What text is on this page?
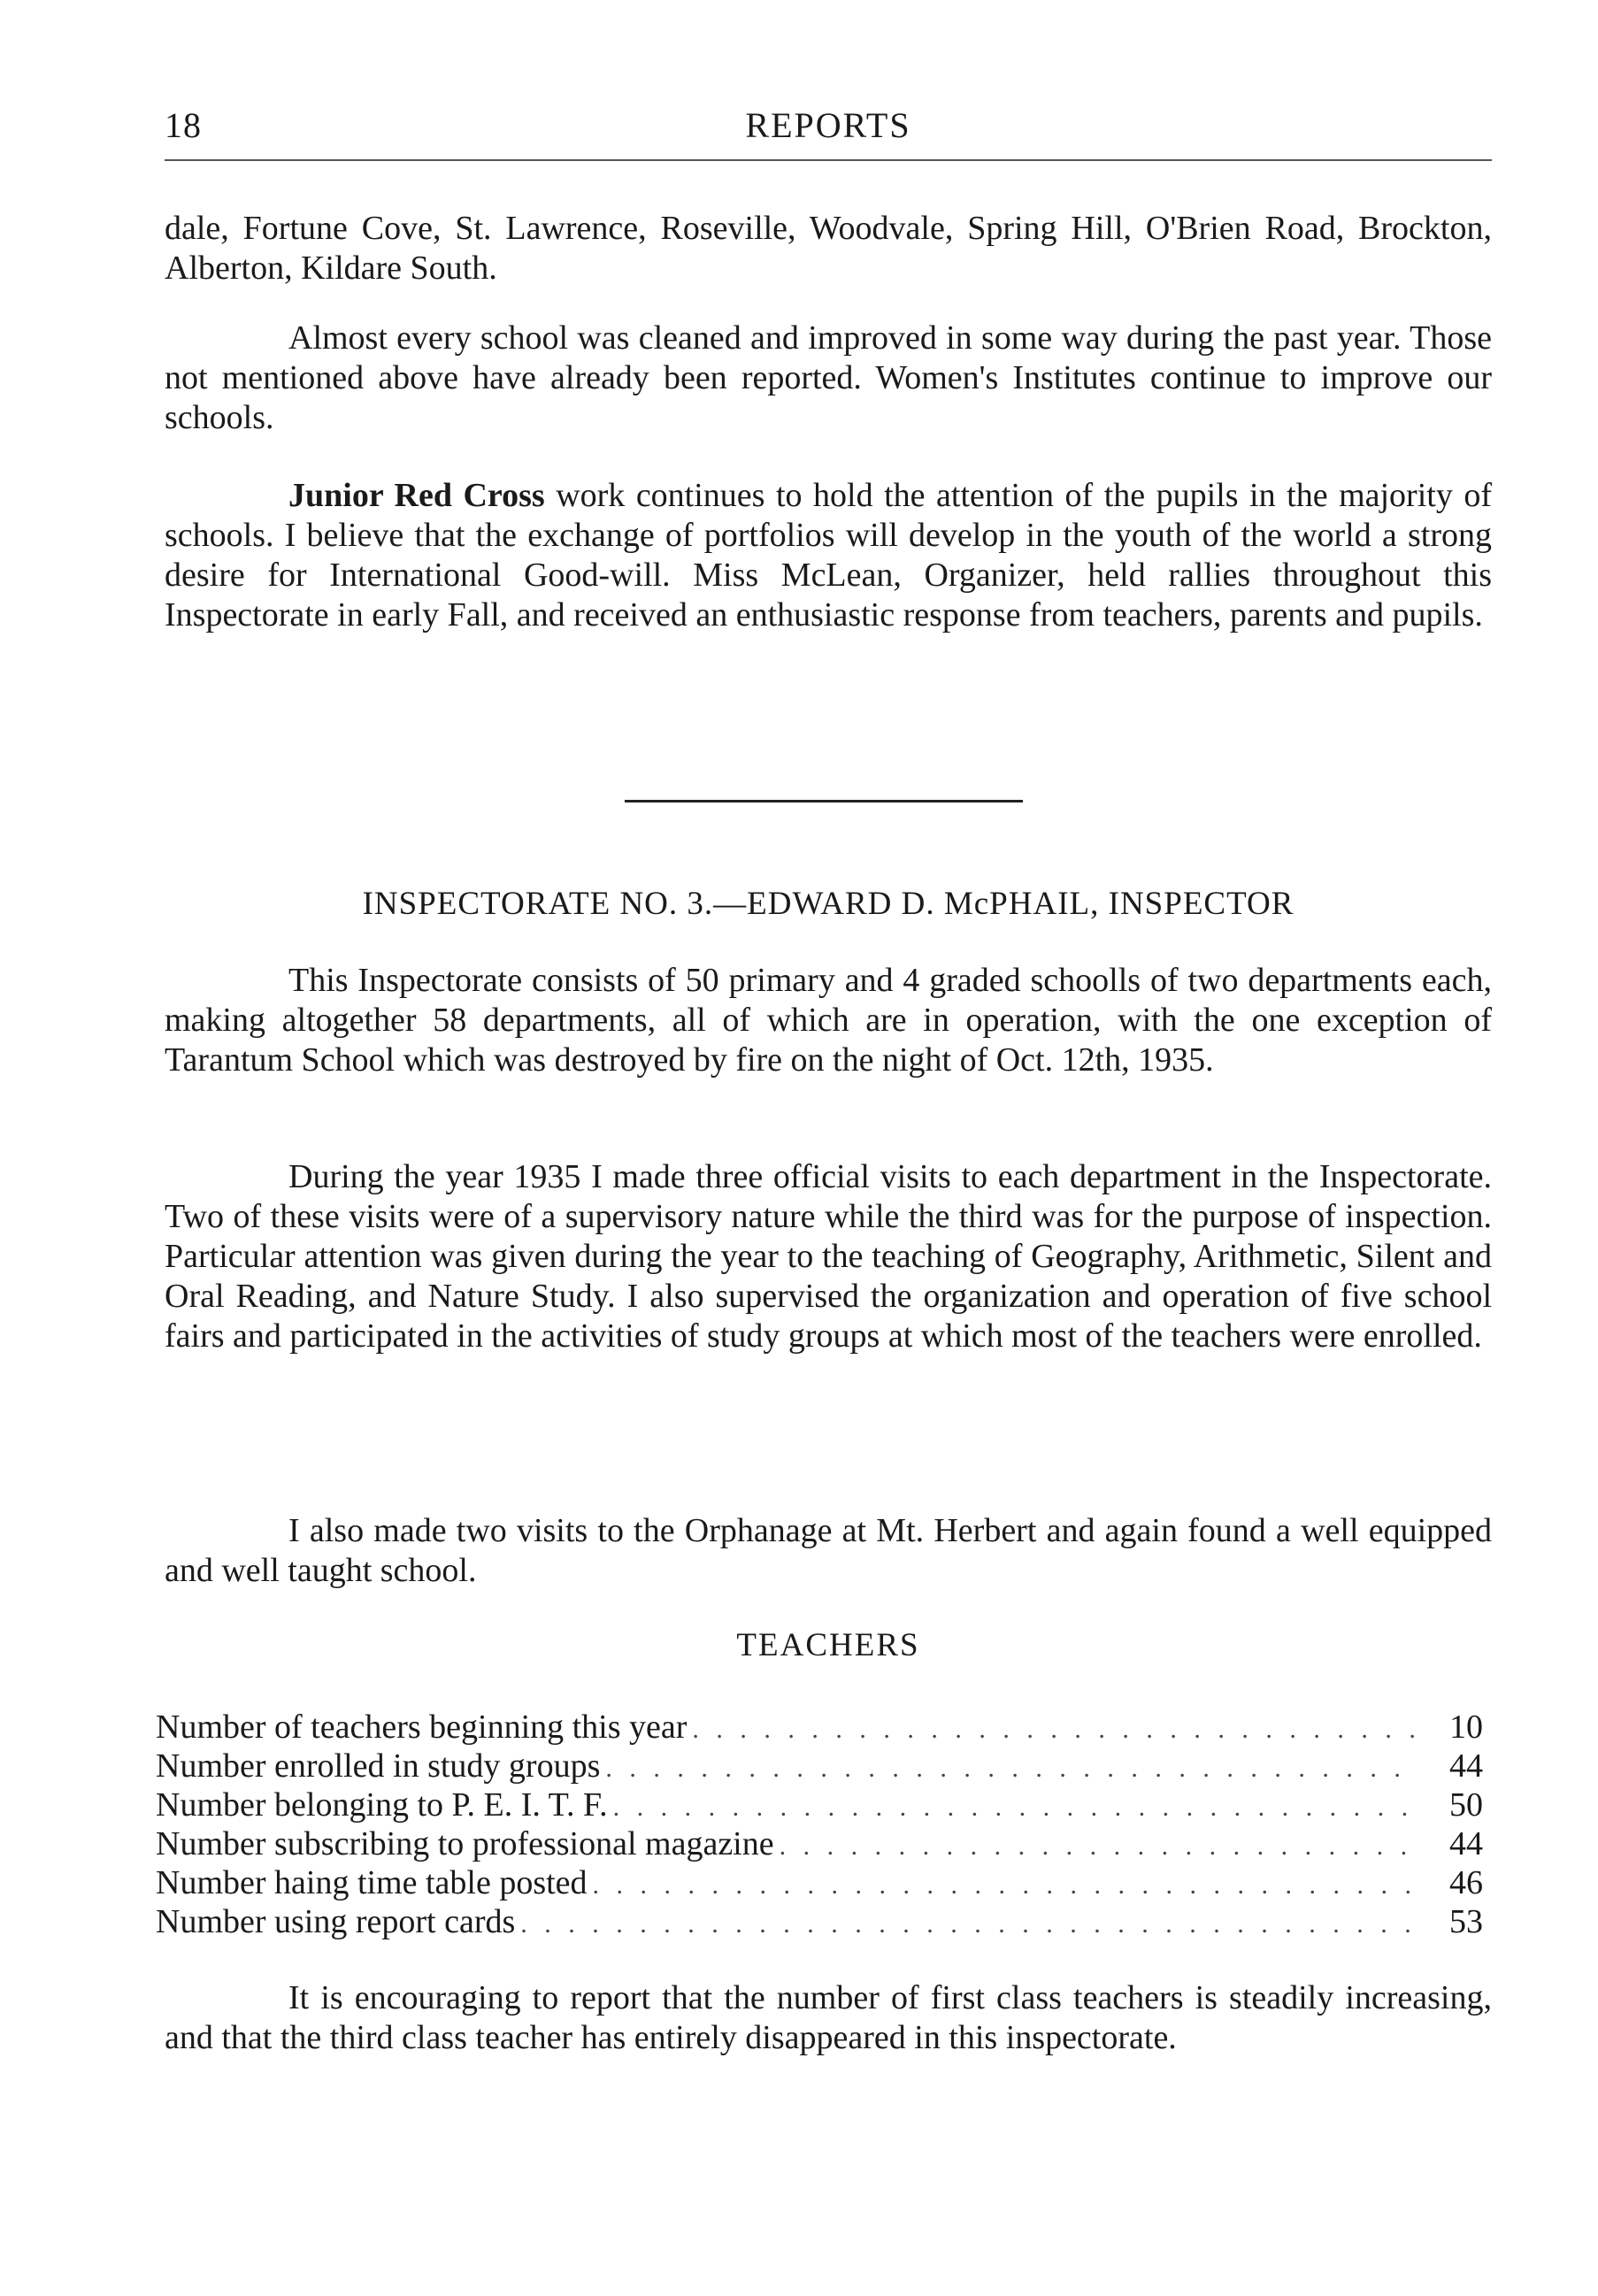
18	REPORTS

dale, Fortune Cove, St. Lawrence, Roseville, Woodvale, Spring Hill, O'Brien Road, Brockton, Alberton, Kildare South.

Almost every school was cleaned and improved in some way during the past year. Those not mentioned above have already been reported. Women's Institutes continue to improve our schools.

Junior Red Cross work continues to hold the attention of the pupils in the majority of schools. I believe that the exchange of portfolios will develop in the youth of the world a strong desire for International Good-will. Miss McLean, Organizer, held rallies throughout this Inspectorate in early Fall, and received an enthusiastic response from teachers, parents and pupils.

INSPECTORATE NO. 3.—EDWARD D. McPHAIL, INSPECTOR

This Inspectorate consists of 50 primary and 4 graded schoolls of two departments each, making altogether 58 departments, all of which are in operation, with the one exception of Tarantum School which was destroyed by fire on the night of Oct. 12th, 1935.

During the year 1935 I made three official visits to each department in the Inspectorate. Two of these visits were of a supervisory nature while the third was for the purpose of inspection. Particular attention was given during the year to the teaching of Geography, Arithmetic, Silent and Oral Reading, and Nature Study. I also supervised the organization and operation of five school fairs and participated in the activities of study groups at which most of the teachers were enrolled.

I also made two visits to the Orphanage at Mt. Herbert and again found a well equipped and well taught school.

TEACHERS
Number of teachers beginning this year . . .	10
Number enrolled in study groups . . .	44
Number belonging to P. E. I. T. F. . . .	50
Number subscribing to professional magazine . . .	44
Number haing time table posted . . .	46
Number using report cards . . .	53

It is encouraging to report that the number of first class teachers is steadily increasing, and that the third class teacher has entirely disappeared in this inspectorate.
